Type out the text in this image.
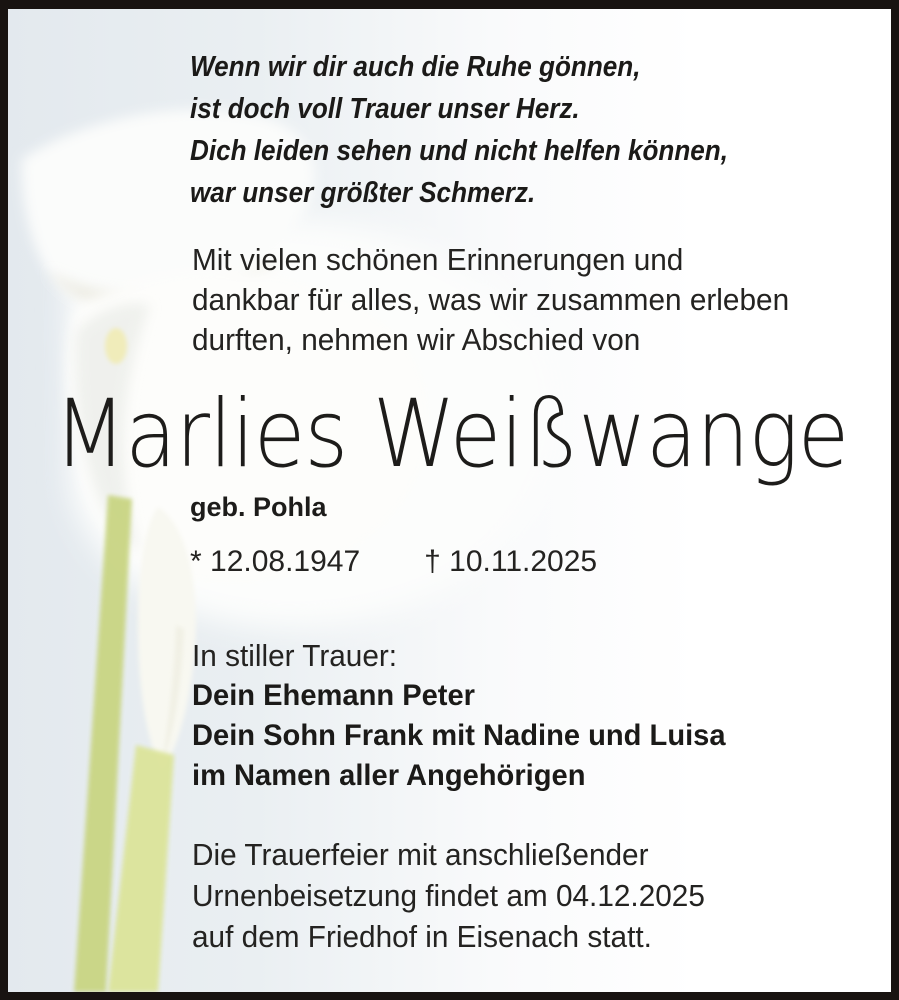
Wenn wir dir auch die Ruhe gönnen,
ist doch voll Trauer unser Herz.
Dich leiden sehen und nicht helfen können,
war unser größter Schmerz.
Mit vielen schönen Erinnerungen und
dankbar für alles, was wir zusammen erleben
durften, nehmen wir Abschied von
Marlies Weißwange
geb. Pohla
* 12.08.1947 † 10.11.2025
In stiller Trauer:
Dein Ehemann Peter
Dein Sohn Frank mit Nadine und Luisa
im Namen aller Angehörigen
Die Trauerfeier mit anschließender
Urnenbeisetzung findet am 04.12.2025
auf dem Friedhof in Eisenach statt.
